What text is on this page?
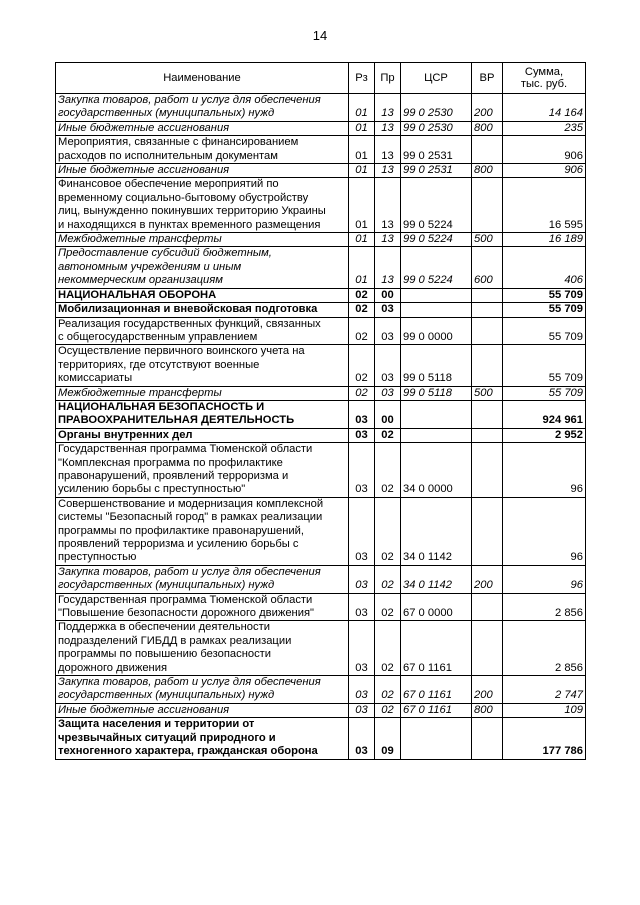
14
Наименование	Рз	Пр	ЦСР	ВР	Сумма,
тыс. руб.

Закупка товаров, работ и услуг для обеспечения
государственных (муниципальных) нужд	01	13	99 0 2530	200	14 164

Иные бюджетные ассигнования	01	13	99 0 2530	800	235

Мероприятия, связанные с финансированием
расходов по исполнительным документам	01	13	99 0 2531		906

Иные бюджетные ассигнования	01	13	99 0 2531	800	906

Финансовое обеспечение мероприятий по
временному социально-бытовому обустройству
лиц, вынужденно покинувших территорию Украины
и находящихся в пунктах временного размещения	01	13	99 0 5224		16 595

Межбюджетные трансферты	01	13	99 0 5224	500	16 189

Предоставление субсидий бюджетным,
автономным учреждениям и иным
некоммерческим организациям	01	13	99 0 5224	600	406

НАЦИОНАЛЬНАЯ ОБОРОНА	02	00			55 709

Мобилизационная и вневойсковая подготовка	02	03			55 709

Реализация государственных функций, связанных
с общегосударственным управлением	02	03	99 0 0000		55 709

Осуществление первичного воинского учета на
территориях, где отсутствуют военные
комиссариаты	02	03	99 0 5118		55 709

Межбюджетные трансферты	02	03	99 0 5118	500	55 709

НАЦИОНАЛЬНАЯ БЕЗОПАСНОСТЬ И
ПРАВООХРАНИТЕЛЬНАЯ ДЕЯТЕЛЬНОСТЬ	03	00			924 961

Органы внутренних дел	03	02			2 952

Государственная программа Тюменской области
"Комплексная программа по профилактике
правонарушений, проявлений терроризма и
усилению борьбы с преступностью"	03	02	34 0 0000		96

Совершенствование и модернизация комплексной
системы "Безопасный город" в рамках реализации
программы по профилактике правонарушений,
проявлений терроризма и усилению борьбы с
преступностью	03	02	34 0 1142		96

Закупка товаров, работ и услуг для обеспечения
государственных (муниципальных) нужд	03	02	34 0 1142	200	96

Государственная программа Тюменской области
"Повышение безопасности дорожного движения"	03	02	67 0 0000		2 856

Поддержка в обеспечении деятельности
подразделений ГИБДД в рамках реализации
программы по повышению безопасности
дорожного движения	03	02	67 0 1161		2 856

Закупка товаров, работ и услуг для обеспечения
государственных (муниципальных) нужд	03	02	67 0 1161	200	2 747

Иные бюджетные ассигнования	03	02	67 0 1161	800	109

Защита населения и территории от
чрезвычайных ситуаций природного и
техногенного характера, гражданская оборона	03	09			177 786
